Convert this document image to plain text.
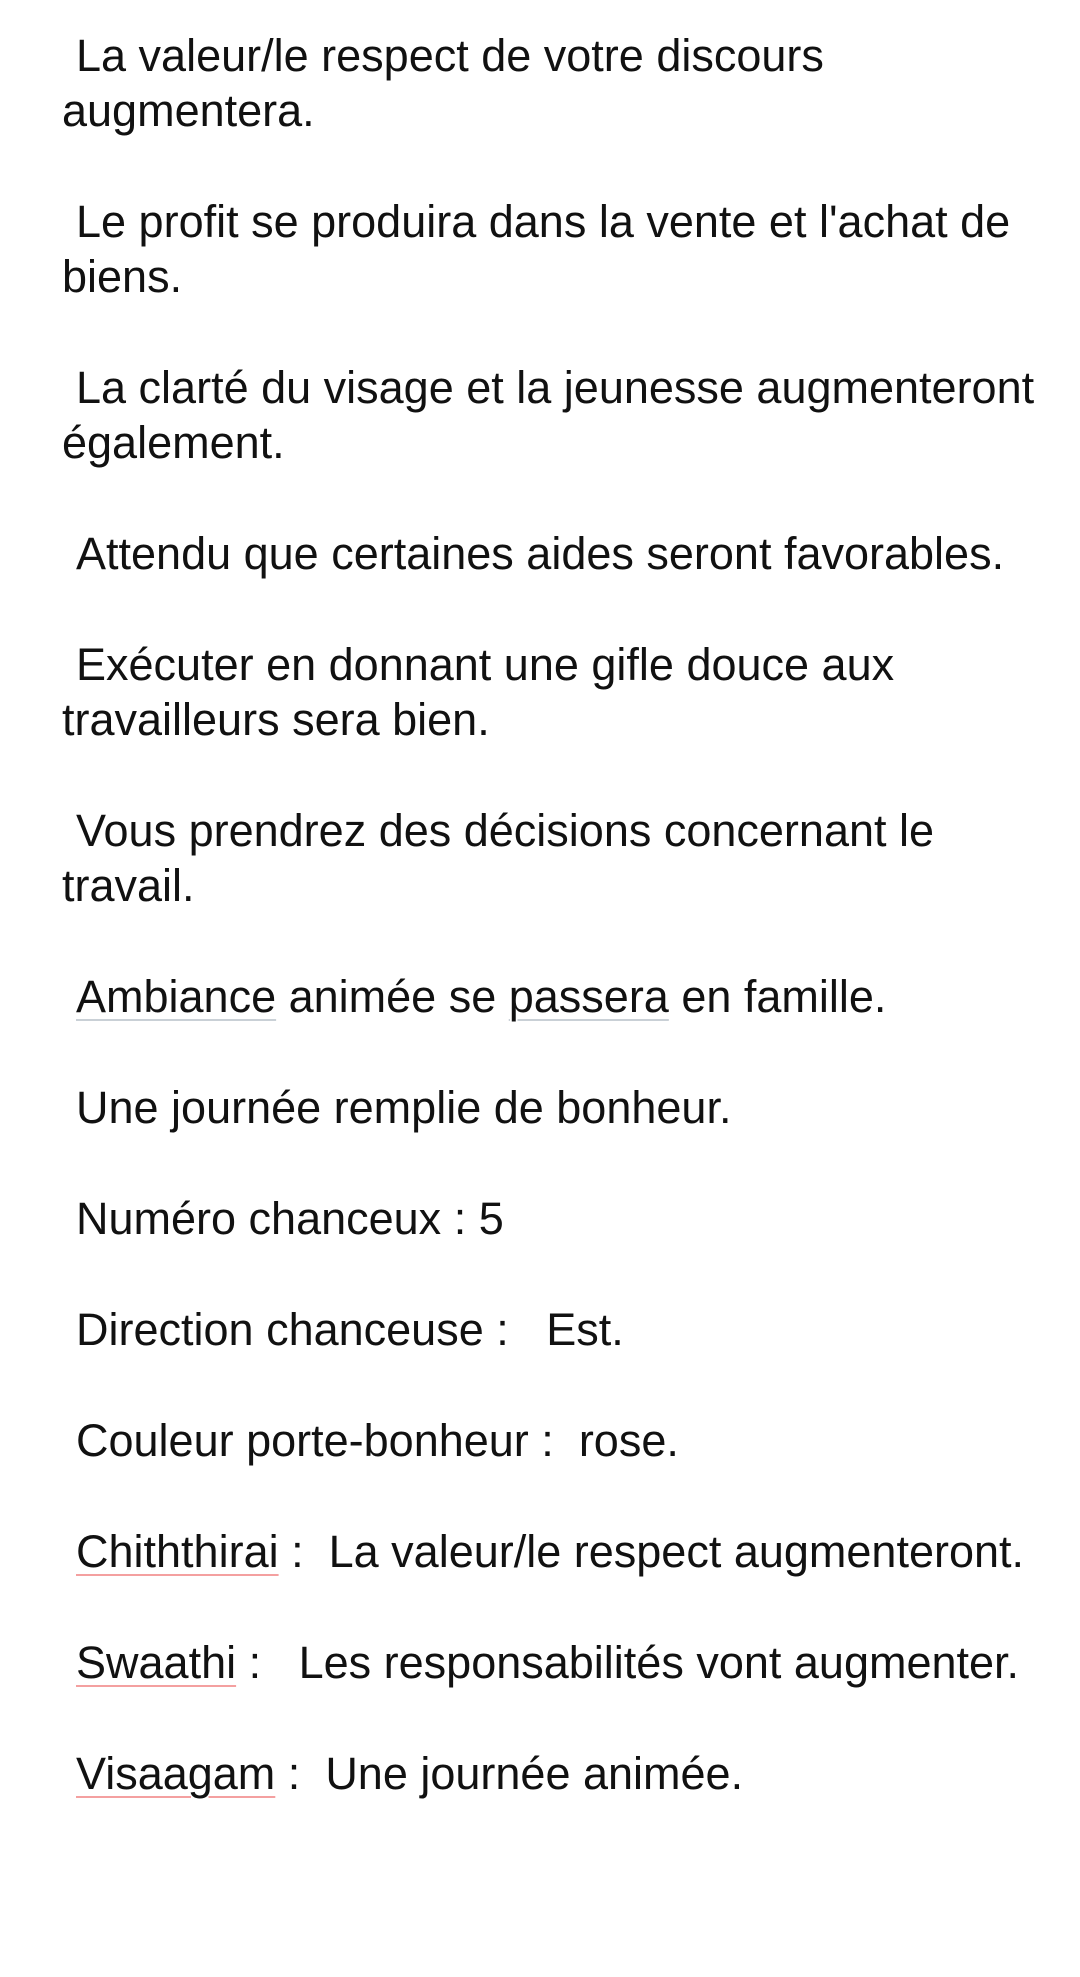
La valeur/le respect de votre discours augmentera.

Le profit se produira dans la vente et l'achat de biens.

La clarté du visage et la jeunesse augmenteront également.

Attendu que certaines aides seront favorables.

Exécuter en donnant une gifle douce aux travailleurs sera bien.

Vous prendrez des décisions concernant le travail.

Ambiance animée se passera en famille.

Une journée remplie de bonheur.

Numéro chanceux : 5

Direction chanceuse : Est.

Couleur porte-bonheur : rose.

Chiththirai :  La valeur/le respect augmenteront.

Swaathi :   Les responsabilités vont augmenter.

Visaagam :  Une journée animée.
